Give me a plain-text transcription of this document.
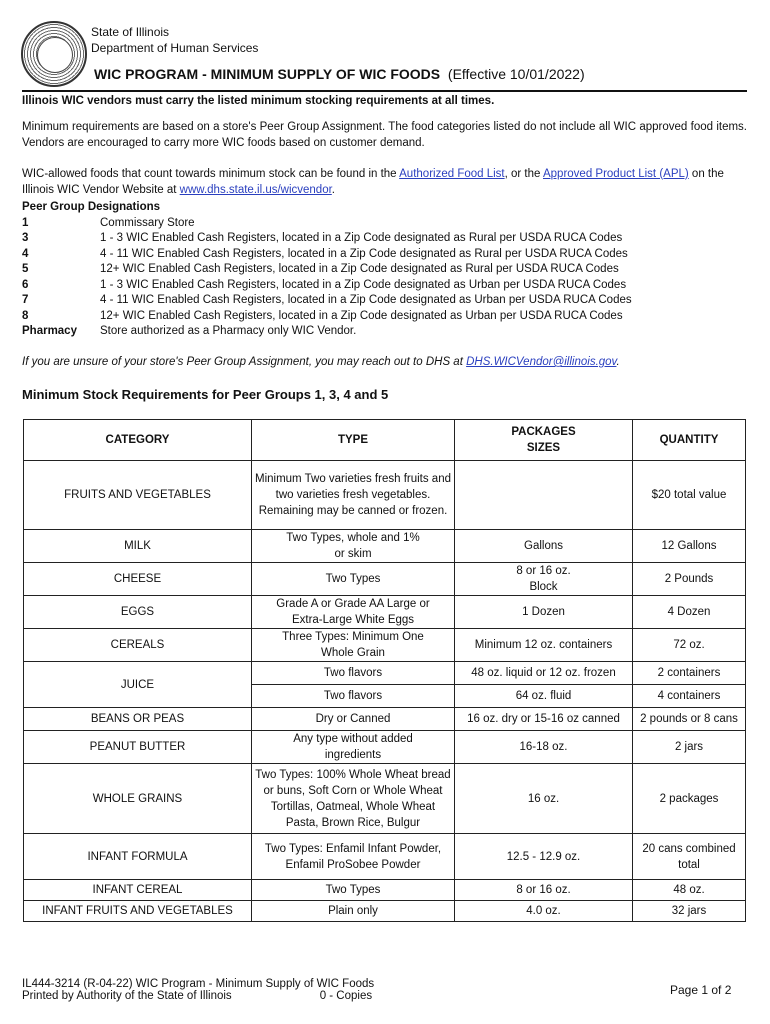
State of Illinois
Department of Human Services
WIC PROGRAM - MINIMUM SUPPLY OF WIC FOODS (Effective 10/01/2022)
Illinois WIC vendors must carry the listed minimum stocking requirements at all times.
Minimum requirements are based on a store's Peer Group Assignment. The food categories listed do not include all WIC approved food items. Vendors are encouraged to carry more WIC foods based on customer demand.
WIC-allowed foods that count towards minimum stock can be found in the Authorized Food List, or the Approved Product List (APL) on the Illinois WIC Vendor Website at www.dhs.state.il.us/wicvendor.
Peer Group Designations
1	Commissary Store
3	1 - 3 WIC Enabled Cash Registers, located in a Zip Code designated as Rural per USDA RUCA Codes
4	4 - 11 WIC Enabled Cash Registers, located in a Zip Code designated as Rural per USDA RUCA Codes
5	12+ WIC Enabled Cash Registers, located in a Zip Code designated as Rural per USDA RUCA Codes
6	1 - 3 WIC Enabled Cash Registers, located in a Zip Code designated as Urban per USDA RUCA Codes
7	4 - 11 WIC Enabled Cash Registers, located in a Zip Code designated as Urban per USDA RUCA Codes
8	12+ WIC Enabled Cash Registers, located in a Zip Code designated as Urban per USDA RUCA Codes
Pharmacy Store authorized as a Pharmacy only WIC Vendor.
If you are unsure of your store's Peer Group Assignment, you may reach out to DHS at DHS.WICVendor@illinois.gov.
Minimum Stock Requirements for Peer Groups 1, 3, 4 and 5
CATEGORY	TYPE	PACKAGES SIZES	QUANTITY
FRUITS AND VEGETABLES	Minimum Two varieties fresh fruits and two varieties fresh vegetables. Remaining may be canned or frozen.		$20 total value
MILK	Two Types, whole and 1% or skim	Gallons	12 Gallons
CHEESE	Two Types	8 or 16 oz. Block	2 Pounds
EGGS	Grade A or Grade AA Large or Extra-Large White Eggs	1 Dozen	4 Dozen
CEREALS	Three Types: Minimum One Whole Grain	Minimum 12 oz. containers	72 oz.
JUICE	Two flavors	48 oz. liquid or 12 oz. frozen	2 containers
	Two flavors	64 oz. fluid	4 containers
BEANS OR PEAS	Dry or Canned	16 oz. dry or 15-16 oz canned	2 pounds or 8 cans
PEANUT BUTTER	Any type without added ingredients	16-18 oz.	2 jars
WHOLE GRAINS	Two Types: 100% Whole Wheat bread or buns, Soft Corn or Whole Wheat Tortillas, Oatmeal, Whole Wheat Pasta, Brown Rice, Bulgur	16 oz.	2 packages
INFANT FORMULA	Two Types: Enfamil Infant Powder, Enfamil ProSobee Powder	12.5 - 12.9 oz.	20 cans combined total
INFANT CEREAL	Two Types	8 or 16 oz.	48 oz.
INFANT FRUITS AND VEGETABLES	Plain only	4.0 oz.	32 jars
IL444-3214 (R-04-22) WIC Program - Minimum Supply of WIC Foods
Printed by Authority of the State of Illinois	0 - Copies	Page 1 of 2
